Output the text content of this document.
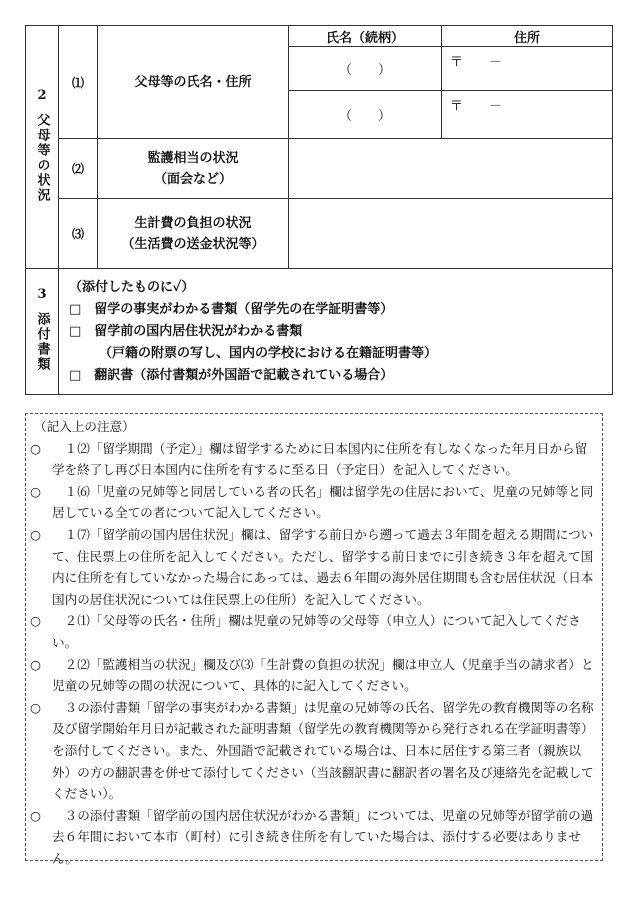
2
父母等の状況	⑴	父母等の氏名・住所	氏名（続柄）	住所
			（　　）	〒　　－
			（　　）	〒　　－
	⑵	監護相当の状況
（面会など）		

	⑶	生計費の負担の状況
（生活費の送金状況等）		

3
添付書類	（添付したものに✓）
□　留学の事実がわかる書類（留学先の在学証明書等）
□　留学前の国内居住状況がわかる書類
（戸籍の附票の写し、国内の学校における在籍証明書等）
□　翻訳書（添付書類が外国語で記載されている場合）			
（記入上の注意）
○ 　１⑵「留学期間（予定）」欄は留学するために日本国内に住所を有しなくなった年月日から留学を終了し再び日本国内に住所を有するに至る日（予定日）を記入してください。
○ 　１⑹「児童の兄姉等と同居している者の氏名」欄は留学先の住居において、児童の兄姉等と同居している全ての者について記入してください。
○ 　１⑺「留学前の国内居住状況」欄は、留学する前日から遡って過去３年間を超える期間について、住民票上の住所を記入してください。ただし、留学する前日までに引き続き３年を超えて国内に住所を有していなかった場合にあっては、過去６年間の海外居住期間も含む居住状況（日本国内の居住状況については住民票上の住所）を記入してください。
○ 　２⑴「父母等の氏名・住所」欄は児童の兄姉等の父母等（申立人）について記入してください。
○ 　２⑵「監護相当の状況」欄及び⑶「生計費の負担の状況」欄は申立人（児童手当の請求者）と児童の兄姉等の間の状況について、具体的に記入してください。
○ 　３の添付書類「留学の事実がわかる書類」は児童の兄姉等の氏名、留学先の教育機関等の名称及び留学開始年月日が記載された証明書類（留学先の教育機関等から発行される在学証明書等）を添付してください。また、外国語で記載されている場合は、日本に居住する第三者（親族以外）の方の翻訳書を併せて添付してください（当該翻訳書に翻訳者の署名及び連絡先を記載してください）。
○ 　３の添付書類「留学前の国内居住状況がわかる書類」については、児童の兄姉等が留学前の過去６年間において本市（町村）に引き続き住所を有していた場合は、添付する必要はありません。
